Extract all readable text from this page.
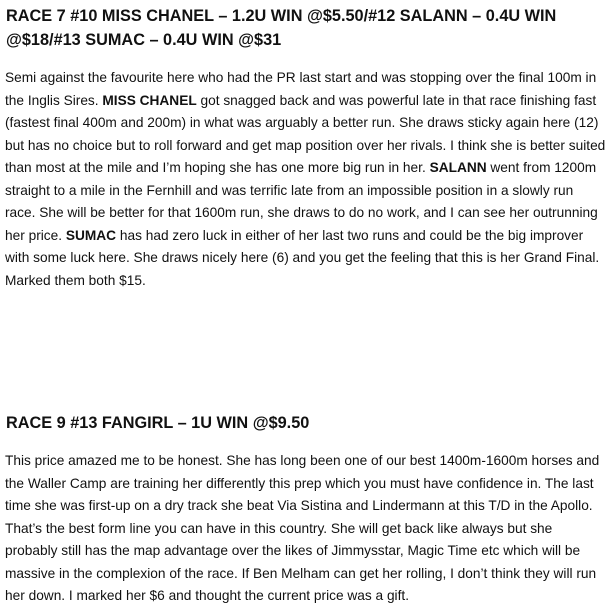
RACE 7 #10 MISS CHANEL – 1.2U WIN @$5.50/#12 SALANN – 0.4U WIN
@$18/#13 SUMAC – 0.4U WIN @$31

Semi against the favourite here who had the PR last start and was stopping over the final 100m in the Inglis Sires. MISS CHANEL got snagged back and was powerful late in that race finishing fast (fastest final 400m and 200m) in what was arguably a better run. She draws sticky again here (12) but has no choice but to roll forward and get map position over her rivals. I think she is better suited than most at the mile and I’m hoping she has one more big run in her. SALANN went from 1200m straight to a mile in the Fernhill and was terrific late from an impossible position in a slowly run race. She will be better for that 1600m run, she draws to do no work, and I can see her outrunning her price. SUMAC has had zero luck in either of her last two runs and could be the big improver with some luck here. She draws nicely here (6) and you get the feeling that this is her Grand Final. Marked them both $15.

RACE 9 #13 FANGIRL – 1U WIN @$9.50

This price amazed me to be honest. She has long been one of our best 1400m-1600m horses and the Waller Camp are training her differently this prep which you must have confidence in. The last time she was first-up on a dry track she beat Via Sistina and Lindermann at this T/D in the Apollo. That’s the best form line you can have in this country. She will get back like always but she probably still has the map advantage over the likes of Jimmysstar, Magic Time etc which will be massive in the complexion of the race. If Ben Melham can get her rolling, I don’t think they will run her down. I marked her $6 and thought the current price was a gift.
